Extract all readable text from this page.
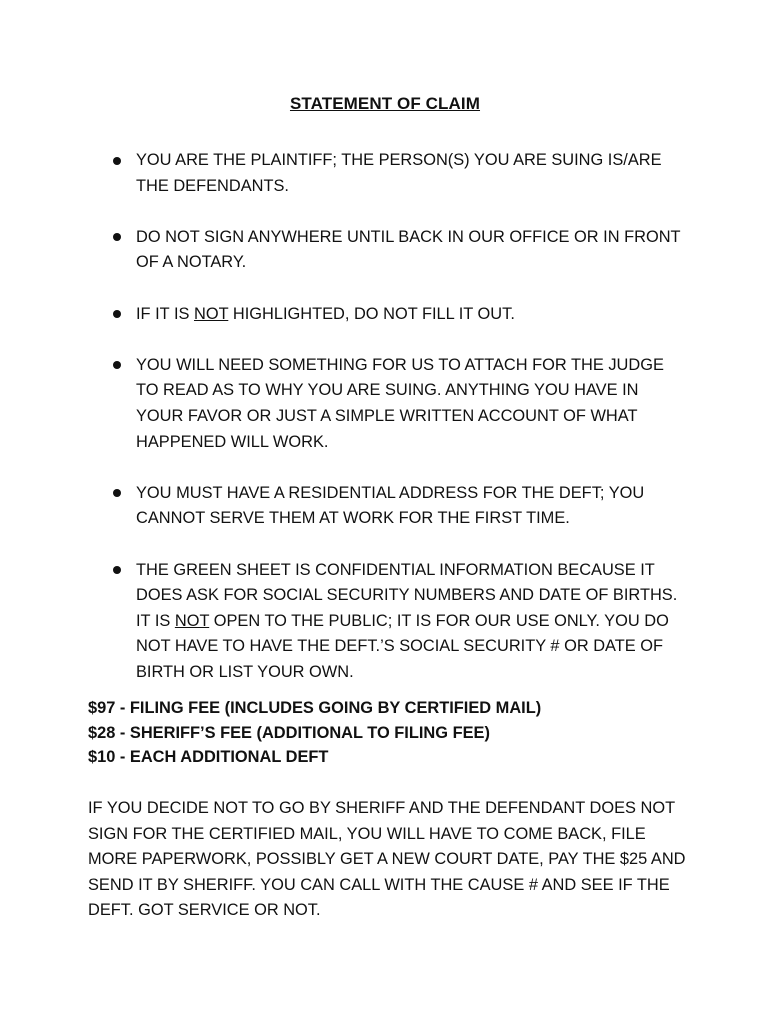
STATEMENT OF CLAIM
YOU ARE THE PLAINTIFF; THE PERSON(S) YOU ARE SUING IS/ARE THE DEFENDANTS.
DO NOT SIGN ANYWHERE UNTIL BACK IN OUR OFFICE OR IN FRONT OF A NOTARY.
IF IT IS NOT HIGHLIGHTED, DO NOT FILL IT OUT.
YOU WILL NEED SOMETHING FOR US TO ATTACH FOR THE JUDGE TO READ AS TO WHY YOU ARE SUING. ANYTHING YOU HAVE IN YOUR FAVOR OR JUST A SIMPLE WRITTEN ACCOUNT OF WHAT HAPPENED WILL WORK.
YOU MUST HAVE A RESIDENTIAL ADDRESS FOR THE DEFT; YOU CANNOT SERVE THEM AT WORK FOR THE FIRST TIME.
THE GREEN SHEET IS CONFIDENTIAL INFORMATION BECAUSE IT DOES ASK FOR SOCIAL SECURITY NUMBERS AND DATE OF BIRTHS. IT IS NOT OPEN TO THE PUBLIC; IT IS FOR OUR USE ONLY. YOU DO NOT HAVE TO HAVE THE DEFT.’S SOCIAL SECURITY # OR DATE OF BIRTH OR LIST YOUR OWN.
$97 - FILING FEE (INCLUDES GOING BY CERTIFIED MAIL)
$28 - SHERIFF’S FEE (ADDITIONAL TO FILING FEE)
$10 - EACH ADDITIONAL DEFT
IF YOU DECIDE NOT TO GO BY SHERIFF AND THE DEFENDANT DOES NOT SIGN FOR THE CERTIFIED MAIL, YOU WILL HAVE TO COME BACK, FILE MORE PAPERWORK, POSSIBLY GET A NEW COURT DATE, PAY THE $25 AND SEND IT BY SHERIFF. YOU CAN CALL WITH THE CAUSE # AND SEE IF THE DEFT. GOT SERVICE OR NOT.
